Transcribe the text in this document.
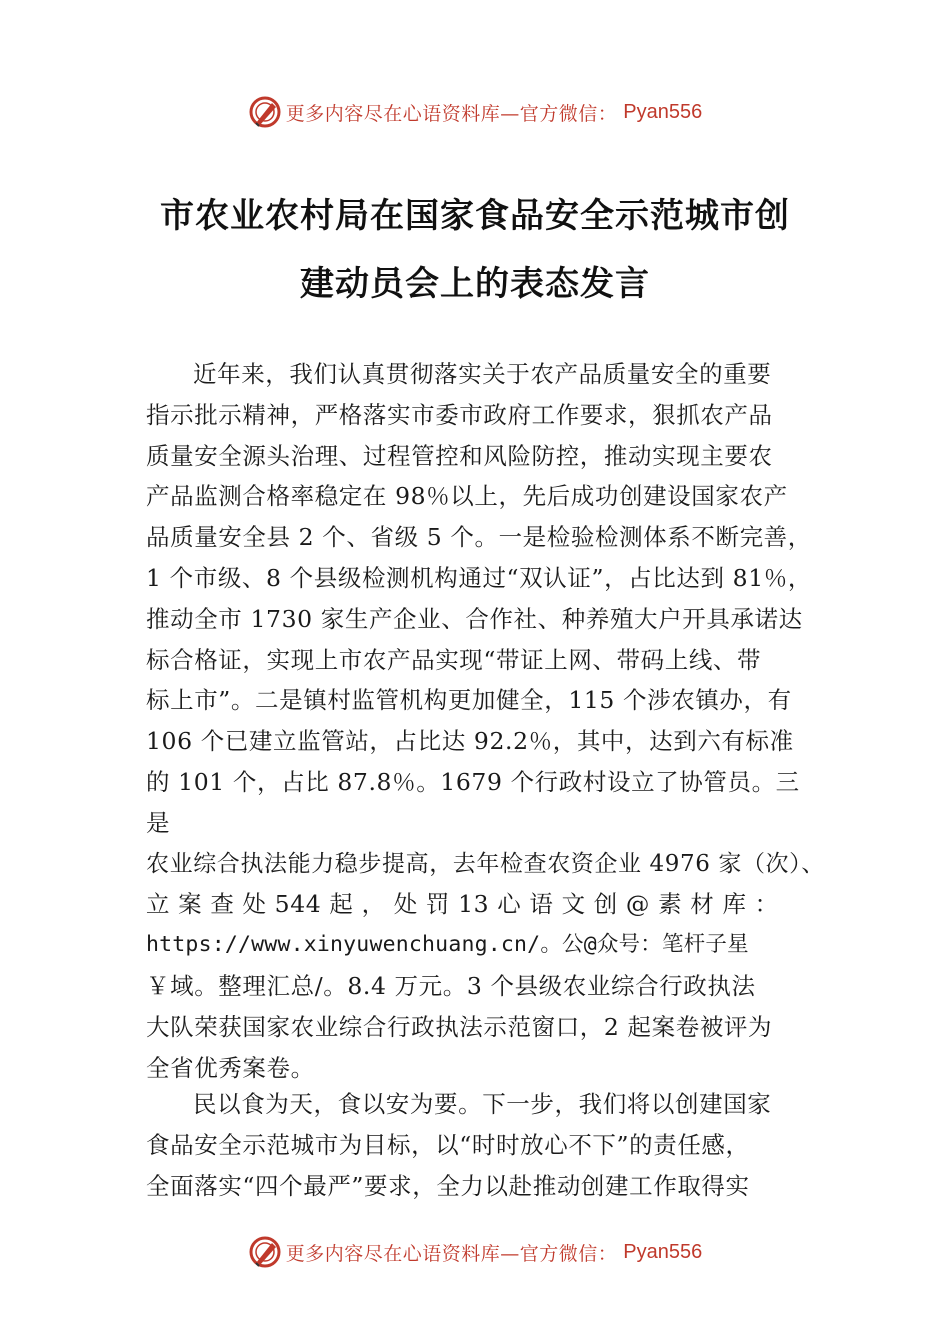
更多内容尽在心语资料库—官方微信： Pyan556
市农业农村局在国家食品安全示范城市创
建动员会上的表态发言
近年来，我们认真贯彻落实关于农产品质量安全的重要
指示批示精神，严格落实市委市政府工作要求，狠抓农产品
质量安全源头治理、过程管控和风险防控，推动实现主要农
产品监测合格率稳定在 98％以上，先后成功创建设国家农产
品质量安全县 2 个、省级 5 个。一是检验检测体系不断完善，
1 个市级、8 个县级检测机构通过“双认证”，占比达到 81％，
推动全市 1730 家生产企业、合作社、种养殖大户开具承诺达
标合格证，实现上市农产品实现“带证上网、带码上线、带
标上市”。二是镇村监管机构更加健全，115 个涉农镇办，有
106 个已建立监管站，占比达 92.2％，其中，达到六有标准
的 101 个，占比 87.8％。1679 个行政村设立了协管员。三
是
农业综合执法能力稳步提高，去年检查农资企业 4976 家（次）、
立 案 查 处 544 起 ， 处 罚 13 心 语 文 创 @ 素 材 库 ：
https://www.xinyuwenchuang.cn/。公@众号：笔杆子星
￥域。整理汇总/。8.4 万元。3 个县级农业综合行政执法
大队荣获国家农业综合行政执法示范窗口，2 起案卷被评为
全省优秀案卷。
民以食为天，食以安为要。下一步，我们将以创建国家
食品安全示范城市为目标，以“时时放心不下”的责任感，
全面落实“四个最严”要求，全力以赴推动创建工作取得实
更多内容尽在心语资料库—官方微信： Pyan556
